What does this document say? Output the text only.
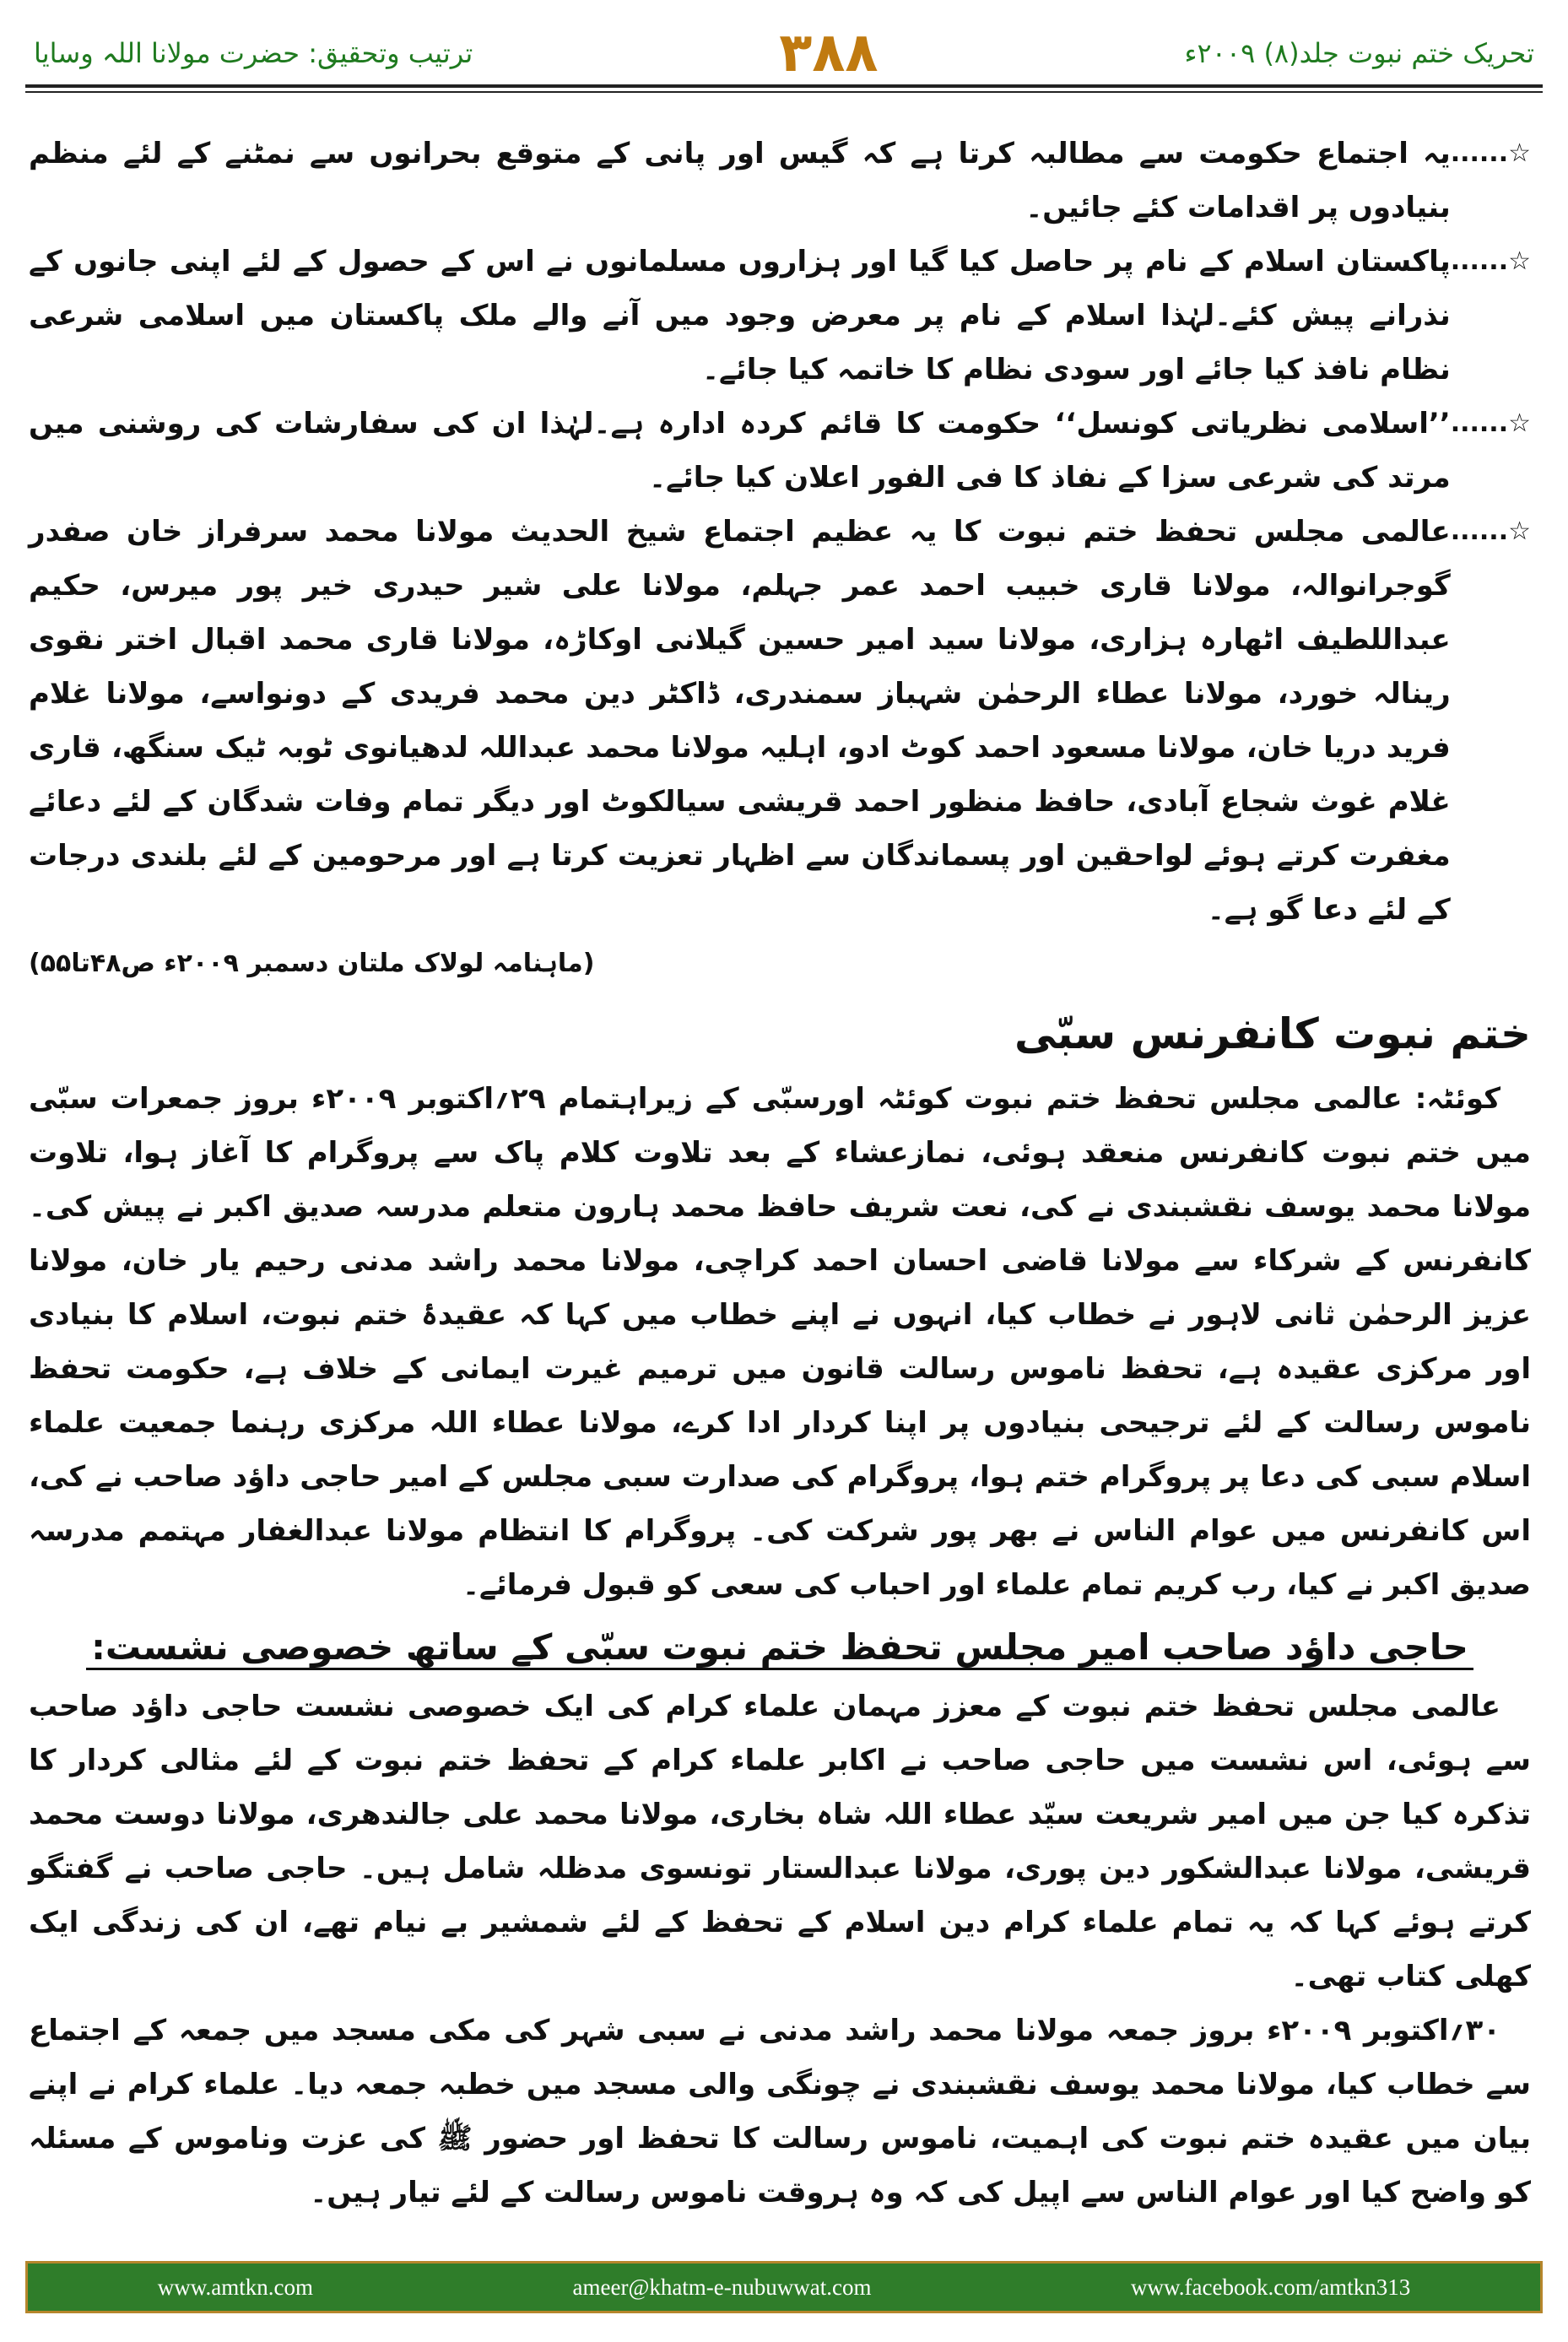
ترتیب وتحقیق: حضرت مولانا اللہ وسایا	۳۸۸	تحریک ختم نبوت جلد(۸) ۲۰۰۹ء
☆......
یہ اجتماع حکومت سے مطالبہ کرتا ہے کہ گیس اور پانی کے متوقع بحرانوں سے نمٹنے کے لئے منظم بنیادوں پر اقدامات کئے جائیں۔
☆......
پاکستان اسلام کے نام پر حاصل کیا گیا اور ہزاروں مسلمانوں نے اس کے حصول کے لئے اپنی جانوں کے نذرانے پیش کئے۔لہٰذا اسلام کے نام پر معرض وجود میں آنے والے ملک پاکستان میں اسلامی شرعی نظام نافذ کیا جائے اور سودی نظام کا خاتمہ کیا جائے۔
☆......
’’اسلامی نظریاتی کونسل‘‘ حکومت کا قائم کردہ ادارہ ہے۔لہٰذا ان کی سفارشات کی روشنی میں مرتد کی شرعی سزا کے نفاذ کا فی الفور اعلان کیا جائے۔
☆......
عالمی مجلس تحفظ ختم نبوت کا یہ عظیم اجتماع شیخ الحدیث مولانا محمد سرفراز خان صفدر گوجرانوالہ، مولانا قاری خبیب احمد عمر جہلم، مولانا علی شیر حیدری خیر پور میرس، حکیم عبداللطیف اٹھارہ ہزاری، مولانا سید امیر حسین گیلانی اوکاڑہ، مولانا قاری محمد اقبال اختر نقوی رینالہ خورد، مولانا عطاء الرحمٰن شہباز سمندری، ڈاکٹر دین محمد فریدی کے دونواسے، مولانا غلام فرید دریا خان، مولانا مسعود احمد کوٹ ادو، اہلیہ مولانا محمد عبداللہ لدھیانوی ٹوبہ ٹیک سنگھ، قاری غلام غوث شجاع آبادی، حافظ منظور احمد قریشی سیالکوٹ اور دیگر تمام وفات شدگان کے لئے دعائے مغفرت کرتے ہوئے لواحقین اور پسماندگان سے اظہار تعزیت کرتا ہے اور مرحومین کے لئے بلندی درجات کے لئے دعا گو ہے۔
(ماہنامہ لولاک ملتان دسمبر ۲۰۰۹ء ص۴۸تا۵۵)
ختم نبوت کانفرنس سبّی
کوئٹہ: عالمی مجلس تحفظ ختم نبوت کوئٹہ اورسبّی کے زیراہتمام ۲۹؍اکتوبر ۲۰۰۹ء بروز جمعرات سبّی میں ختم نبوت کانفرنس منعقد ہوئی، نمازعشاء کے بعد تلاوت کلام پاک سے پروگرام کا آغاز ہوا، تلاوت مولانا محمد یوسف نقشبندی نے کی، نعت شریف حافظ محمد ہارون متعلم مدرسہ صدیق اکبر نے پیش کی۔ کانفرنس کے شرکاء سے مولانا قاضی احسان احمد کراچی، مولانا محمد راشد مدنی رحیم یار خان، مولانا عزیز الرحمٰن ثانی لاہور نے خطاب کیا، انہوں نے اپنے خطاب میں کہا کہ عقیدۂ ختم نبوت، اسلام کا بنیادی اور مرکزی عقیدہ ہے، تحفظ ناموس رسالت قانون میں ترمیم غیرت ایمانی کے خلاف ہے، حکومت تحفظ ناموس رسالت کے لئے ترجیحی بنیادوں پر اپنا کردار ادا کرے، مولانا عطاء اللہ مرکزی رہنما جمعیت علماء اسلام سبی کی دعا پر پروگرام ختم ہوا، پروگرام کی صدارت سبی مجلس کے امیر حاجی داؤد صاحب نے کی، اس کانفرنس میں عوام الناس نے بھر پور شرکت کی۔ پروگرام کا انتظام مولانا عبدالغفار مہتمم مدرسہ صدیق اکبر نے کیا، رب کریم تمام علماء اور احباب کی سعی کو قبول فرمائے۔
حاجی داؤد صاحب امیر مجلس تحفظ ختم نبوت سبّی کے ساتھ خصوصی نشست:
عالمی مجلس تحفظ ختم نبوت کے معزز مہمان علماء کرام کی ایک خصوصی نشست حاجی داؤد صاحب سے ہوئی، اس نشست میں حاجی صاحب نے اکابر علماء کرام کے تحفظ ختم نبوت کے لئے مثالی کردار کا تذکرہ کیا جن میں امیر شریعت سیّد عطاء اللہ شاہ بخاری، مولانا محمد علی جالندھری، مولانا دوست محمد قریشی، مولانا عبدالشکور دین پوری، مولانا عبدالستار تونسوی مدظلہ شامل ہیں۔ حاجی صاحب نے گفتگو کرتے ہوئے کہا کہ یہ تمام علماء کرام دین اسلام کے تحفظ کے لئے شمشیر بے نیام تھے، ان کی زندگی ایک کھلی کتاب تھی۔
۳۰؍اکتوبر ۲۰۰۹ء بروز جمعہ مولانا محمد راشد مدنی نے سبی شہر کی مکی مسجد میں جمعہ کے اجتماع سے خطاب کیا، مولانا محمد یوسف نقشبندی نے چونگی والی مسجد میں خطبہ جمعہ دیا۔ علماء کرام نے اپنے بیان میں عقیدہ ختم نبوت کی اہمیت، ناموس رسالت کا تحفظ اور حضور ﷺ کی عزت وناموس کے مسئلہ کو واضح کیا اور عوام الناس سے اپیل کی کہ وہ ہروقت ناموس رسالت کے لئے تیار ہیں۔
www.amtkn.com	ameer@khatm-e-nubuwwat.com	www.facebook.com/amtkn313
